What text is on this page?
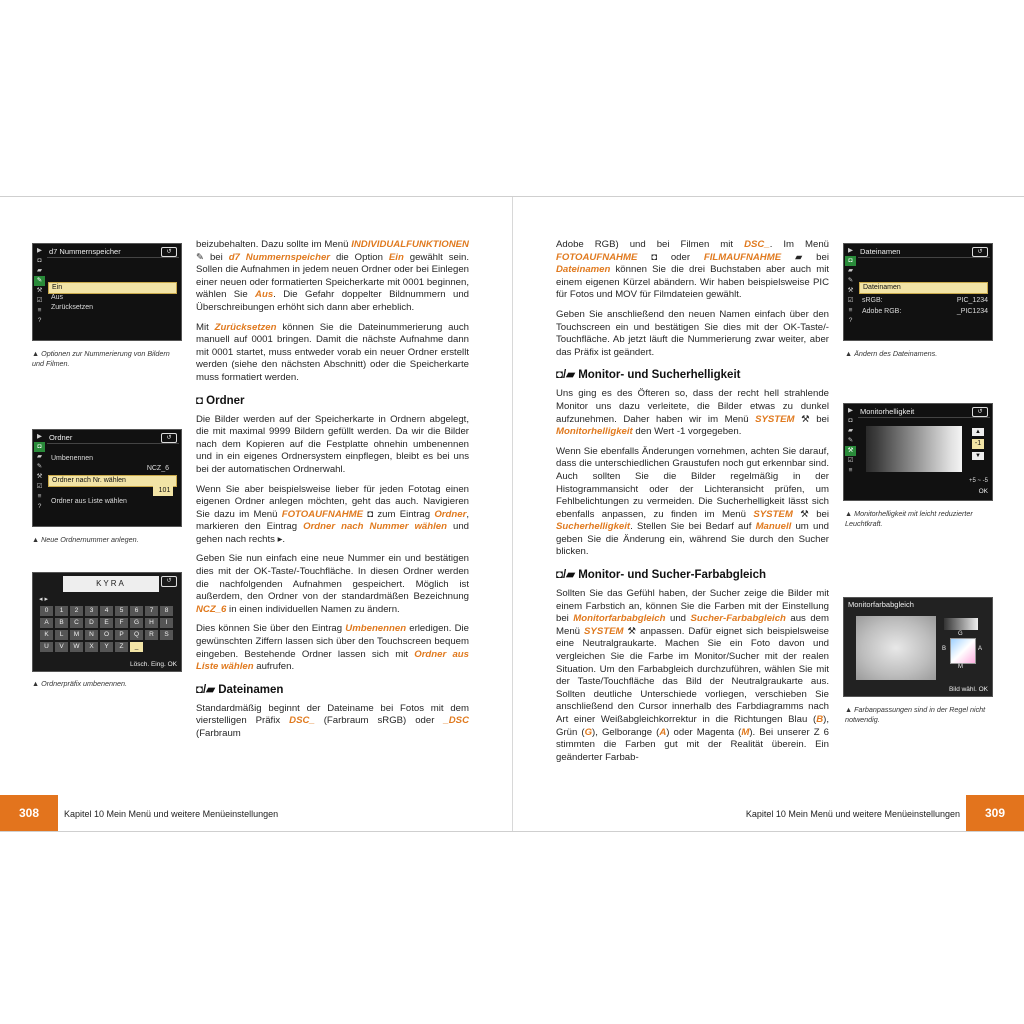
▶
◘
▰
✎
⚒
☑
≡
?
d7 Nummernspeicher	↺
Ein
Aus
Zurücksetzen
▲ Optionen zur Nummerierung von Bildern und Filmen.
▶
◘
▰
✎
⚒
☑
≡
?
Ordner	↺
Umbenennen
NCZ_6
Ordner nach Nr. wählen
101
Ordner aus Liste wählen
▲ Neue Ordnernummer anlegen.
KYRA	↺
◂ ▸
0 1 2 3 4 5 6 7 8
A B C D E F G H I
K L M N O P Q R S
U V W X Y Z _
Lösch. Eing. OK
▲ Ordnerpräfix umbenennen.

beizubehalten. Dazu sollte im Menü INDIVIDUALFUNKTIONEN ✎ bei d7 Nummernspeicher die Option Ein gewählt sein. Sollen die Aufnahmen in jedem neuen Ordner oder bei Einlegen einer neuen oder formatierten Speicherkarte mit 0001 beginnen, wählen Sie Aus. Die Gefahr doppelter Bildnummern und Überschreibungen erhöht sich dann aber erheblich.

Mit Zurücksetzen können Sie die Dateinummerierung auch manuell auf 0001 bringen. Damit die nächste Aufnahme dann mit 0001 startet, muss entweder vorab ein neuer Ordner erstellt werden (siehe den nächsten Abschnitt) oder die Speicherkarte muss formatiert werden.

◘ Ordner

Die Bilder werden auf der Speicherkarte in Ordnern abgelegt, die mit maximal 9999 Bildern gefüllt werden. Da wir die Bilder nach dem Kopieren auf die Festplatte ohnehin umbenennen und in ein eigenes Ordnersystem einpflegen, bleibt es bei uns bei der automatischen Ordnerwahl.

Wenn Sie aber beispielsweise lieber für jeden Fototag einen eigenen Ordner anlegen möchten, geht das auch. Navigieren Sie dazu im Menü FOTOAUFNAHME ◘ zum Eintrag Ordner, markieren den Eintrag Ordner nach Nummer wählen und gehen nach rechts ▸.

Geben Sie nun einfach eine neue Nummer ein und bestätigen dies mit der OK-Taste/-Touchfläche. In diesen Ordner werden die nachfolgenden Aufnahmen gespeichert. Möglich ist außerdem, den Ordner von der standardmäßen Bezeichnung NCZ_6 in einen individuellen Namen zu ändern.

Dies können Sie über den Eintrag Umbenennen erledigen. Die gewünschten Ziffern lassen sich über den Touchscreen bequem eingeben. Bestehende Ordner lassen sich mit Ordner aus Liste wählen aufrufen.

◘/▰ Dateinamen

Standardmäßig beginnt der Dateiname bei Fotos mit dem vierstelligen Präfix DSC_ (Farbraum sRGB) oder _DSC (Farbraum

Adobe RGB) und bei Filmen mit DSC_. Im Menü FOTOAUFNAHME ◘ oder FILMAUFNAHME ▰ bei Dateinamen können Sie die drei Buchstaben aber auch mit einem eigenen Kürzel abändern. Wir haben beispielsweise PIC für Fotos und MOV für Filmdateien gewählt.

Geben Sie anschließend den neuen Namen einfach über den Touchscreen ein und bestätigen Sie dies mit der OK-Taste/-Touchfläche. Ab jetzt läuft die Nummerierung zwar weiter, aber das Präfix ist geändert.

◘/▰ Monitor- und Sucherhelligkeit

Uns ging es des Öfteren so, dass der recht hell strahlende Monitor uns dazu verleitete, die Bilder etwas zu dunkel aufzunehmen. Daher haben wir im Menü SYSTEM ⚒ bei Monitorhelligkeit den Wert -1 vorgegeben.

Wenn Sie ebenfalls Änderungen vornehmen, achten Sie darauf, dass die unterschiedlichen Graustufen noch gut erkennbar sind. Auch sollten Sie die Bilder regelmäßig in der Histogrammansicht oder der Lichteransicht prüfen, um Fehlbelichtungen zu vermeiden. Die Sucherhelligkeit lässt sich ebenfalls anpassen, zu finden im Menü SYSTEM ⚒ bei Sucherhelligkeit. Stellen Sie bei Bedarf auf Manuell um und geben Sie die Änderung ein, während Sie durch den Sucher blicken.

◘/▰ Monitor- und Sucher-Farbabgleich

Sollten Sie das Gefühl haben, der Sucher zeige die Bilder mit einem Farbstich an, können Sie die Farben mit der Einstellung bei Monitorfarbabgleich und Sucher-Farbabgleich aus dem Menü SYSTEM ⚒ anpassen. Dafür eignet sich beispielsweise eine Neutralgraukarte. Machen Sie ein Foto davon und vergleichen Sie die Farbe im Monitor/Sucher mit der realen Situation. Um den Farbabgleich durchzuführen, wählen Sie mit der Taste/Touchfläche das Bild der Neutralgraukarte aus. Sollten deutliche Unterschiede vorliegen, verschieben Sie anschließend den Cursor innerhalb des Farbdiagramms nach Art einer Weißabgleichkorrektur in die Richtungen Blau (B), Grün (G), Gelborange (A) oder Magenta (M). Bei unserer Z 6 stimmten die Farben gut mit der Realität überein. Ein geänderter Farbab-

▶
◘
▰
✎
⚒
☑
≡
?
Dateinamen	↺
Dateinamen
sRGB:	PIC_1234
Adobe RGB:	_PIC1234
▲ Ändern des Dateinamens.
▶
◘
▰
✎
⚒
☑
≡
Monitorhelligkeit	↺
▲
-1
▼
+5 ~ -5
OK
▲ Monitorhelligkeit mit leicht reduzierter Leuchtkraft.
Monitorfarbabgleich
G
B	A
M
Bild wähl. OK
▲ Farbanpassungen sind in der Regel nicht notwendig.
308	Kapitel 10 Mein Menü und weitere Menüeinstellungen	Kapitel 10 Mein Menü und weitere Menüeinstellungen	309
